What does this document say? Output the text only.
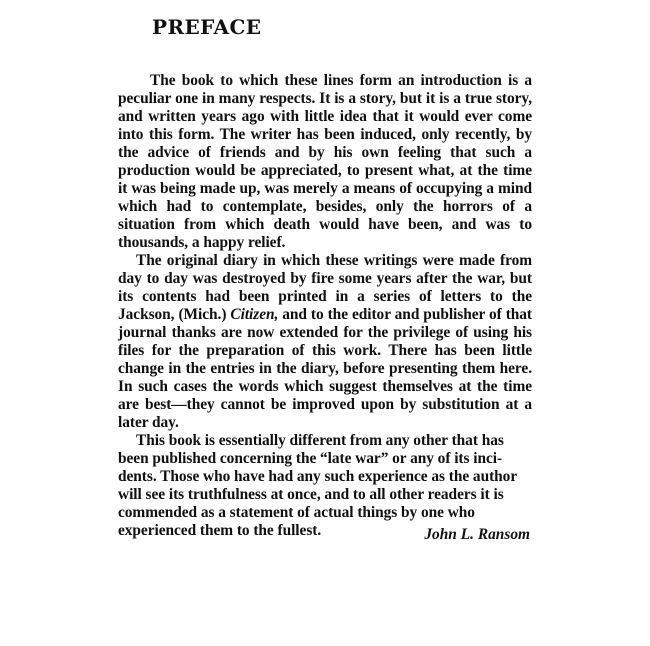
PREFACE

The book to which these lines form an introduction is a peculiar one in many respects. It is a story, but it is a true story, and written years ago with little idea that it would ever come into this form. The writer has been induced, only recently, by the advice of friends and by his own feeling that such a production would be appreciated, to present what, at the time it was being made up, was merely a means of occupying a mind which had to contemplate, besides, only the horrors of a situation from which death would have been, and was to thousands, a happy relief.

The original diary in which these writings were made from day to day was destroyed by fire some years after the war, but its contents had been printed in a series of letters to the Jackson, (Mich.) Citizen, and to the editor and publisher of that journal thanks are now extended for the privilege of using his files for the preparation of this work. There has been little change in the entries in the diary, before presenting them here. In such cases the words which suggest themselves at the time are best—they cannot be improved upon by substitution at a later day.

This book is essentially different from any other that has been published concerning the “late war” or any of its incidents. Those who have had any such experience as the author will see its truthfulness at once, and to all other readers it is commended as a statement of actual things by one who experienced them to the fullest.	John L. Ransom
